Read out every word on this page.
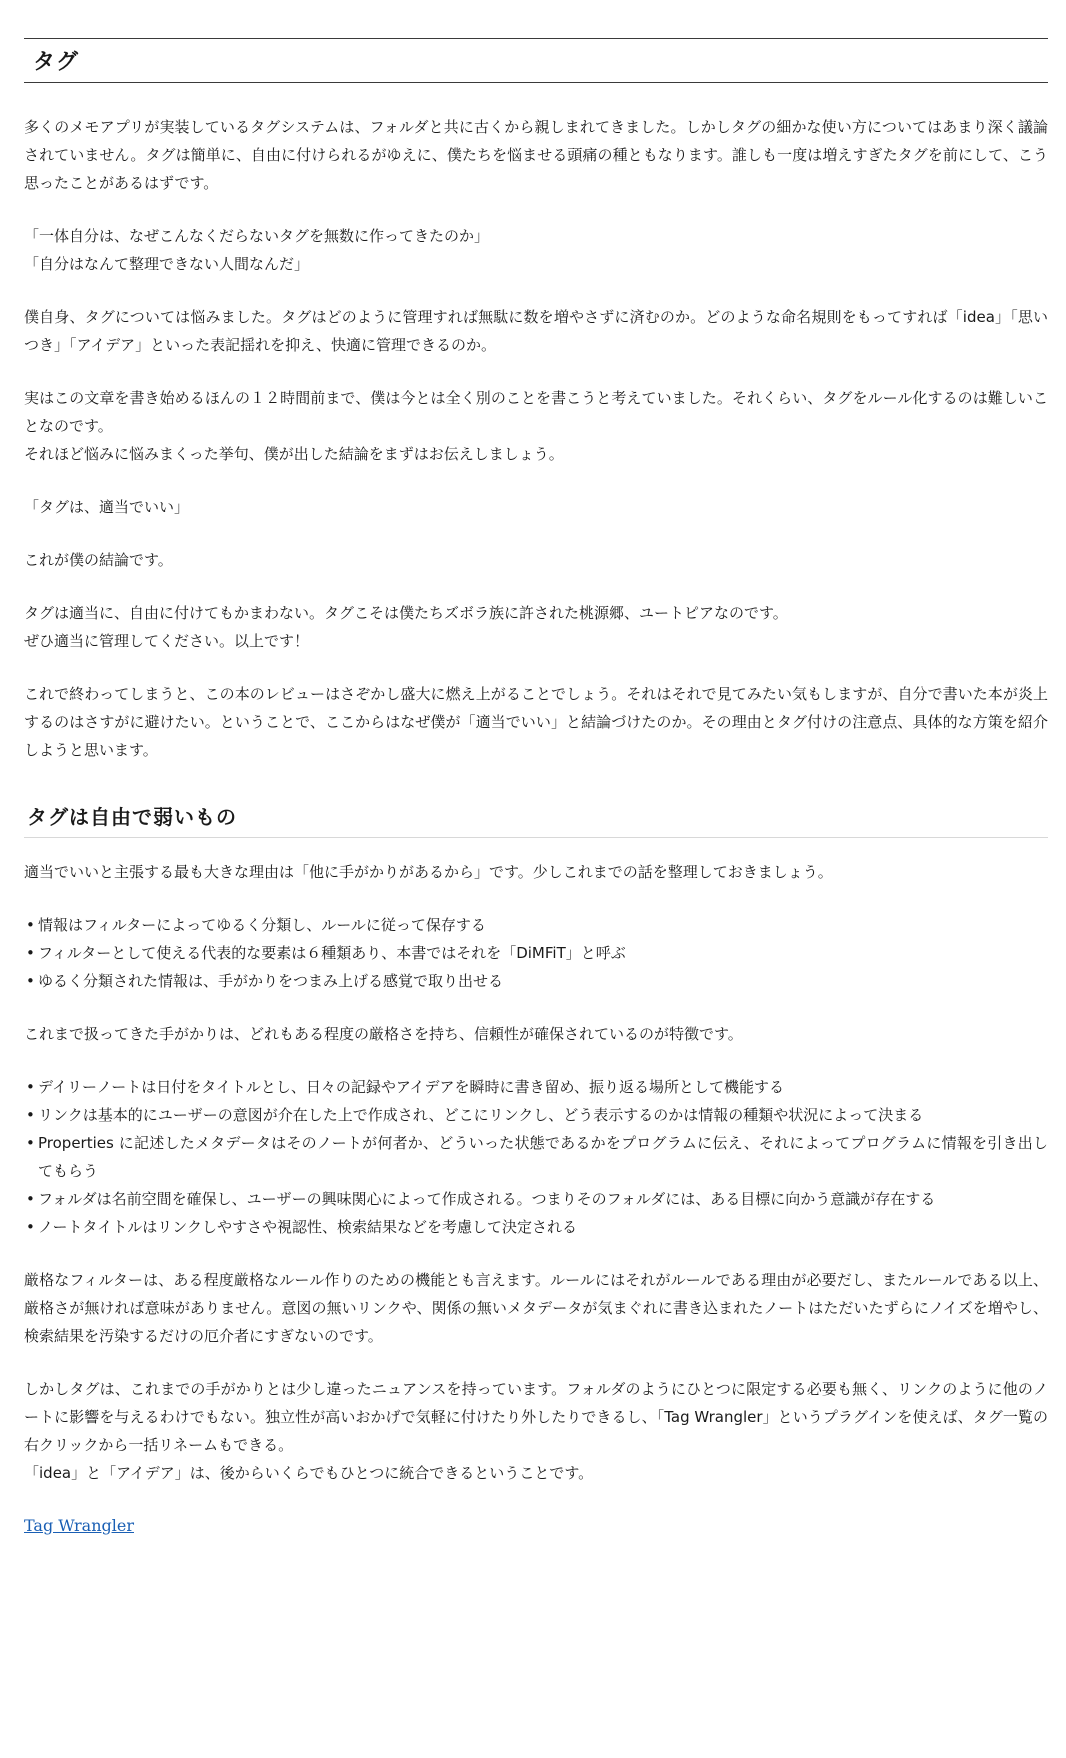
タグ

多くのメモアプリが実装しているタグシステムは、フォルダと共に古くから親しまれてきました。しかしタグの細かな使い方についてはあまり深く議論されていません。タグは簡単に、自由に付けられるがゆえに、僕たちを悩ませる頭痛の種ともなります。誰しも一度は増えすぎたタグを前にして、こう思ったことがあるはずです。

「一体自分は、なぜこんなくだらないタグを無数に作ってきたのか」

「自分はなんて整理できない人間なんだ」

僕自身、タグについては悩みました。タグはどのように管理すれば無駄に数を増やさずに済むのか。どのような命名規則をもってすれば「idea」「思いつき」「アイデア」といった表記揺れを抑え、快適に管理できるのか。

実はこの文章を書き始めるほんの１２時間前まで、僕は今とは全く別のことを書こうと考えていました。それくらい、タグをルール化するのは難しいことなのです。

それほど悩みに悩みまくった挙句、僕が出した結論をまずはお伝えしましょう。

「タグは、適当でいい」

これが僕の結論です。

タグは適当に、自由に付けてもかまわない。タグこそは僕たちズボラ族に許された桃源郷、ユートピアなのです。

ぜひ適当に管理してください。以上です！

これで終わってしまうと、この本のレビューはさぞかし盛大に燃え上がることでしょう。それはそれで見てみたい気もしますが、自分で書いた本が炎上するのはさすがに避けたい。ということで、ここからはなぜ僕が「適当でいい」と結論づけたのか。その理由とタグ付けの注意点、具体的な方策を紹介しようと思います。

タグは自由で弱いもの

適当でいいと主張する最も大きな理由は「他に手がかりがあるから」です。少しこれまでの話を整理しておきましょう。

• 情報はフィルターによってゆるく分類し、ルールに従って保存する
• フィルターとして使える代表的な要素は６種類あり、本書ではそれを「DiMFiT」と呼ぶ
• ゆるく分類された情報は、手がかりをつまみ上げる感覚で取り出せる

これまで扱ってきた手がかりは、どれもある程度の厳格さを持ち、信頼性が確保されているのが特徴です。

• デイリーノートは日付をタイトルとし、日々の記録やアイデアを瞬時に書き留め、振り返る場所として機能する
• リンクは基本的にユーザーの意図が介在した上で作成され、どこにリンクし、どう表示するのかは情報の種類や状況によって決まる
• Properties に記述したメタデータはそのノートが何者か、どういった状態であるかをプログラムに伝え、それによってプログラムに情報を引き出してもらう
• フォルダは名前空間を確保し、ユーザーの興味関心によって作成される。つまりそのフォルダには、ある目標に向かう意識が存在する
• ノートタイトルはリンクしやすさや視認性、検索結果などを考慮して決定される

厳格なフィルターは、ある程度厳格なルール作りのための機能とも言えます。ルールにはそれがルールである理由が必要だし、またルールである以上、厳格さが無ければ意味がありません。意図の無いリンクや、関係の無いメタデータが気まぐれに書き込まれたノートはただいたずらにノイズを増やし、検索結果を汚染するだけの厄介者にすぎないのです。

しかしタグは、これまでの手がかりとは少し違ったニュアンスを持っています。フォルダのようにひとつに限定する必要も無く、リンクのように他のノートに影響を与えるわけでもない。独立性が高いおかげで気軽に付けたり外したりできるし、「Tag Wrangler」というプラグインを使えば、タグ一覧の右クリックから一括リネームもできる。

「idea」と「アイデア」は、後からいくらでもひとつに統合できるということです。

Tag Wrangler
